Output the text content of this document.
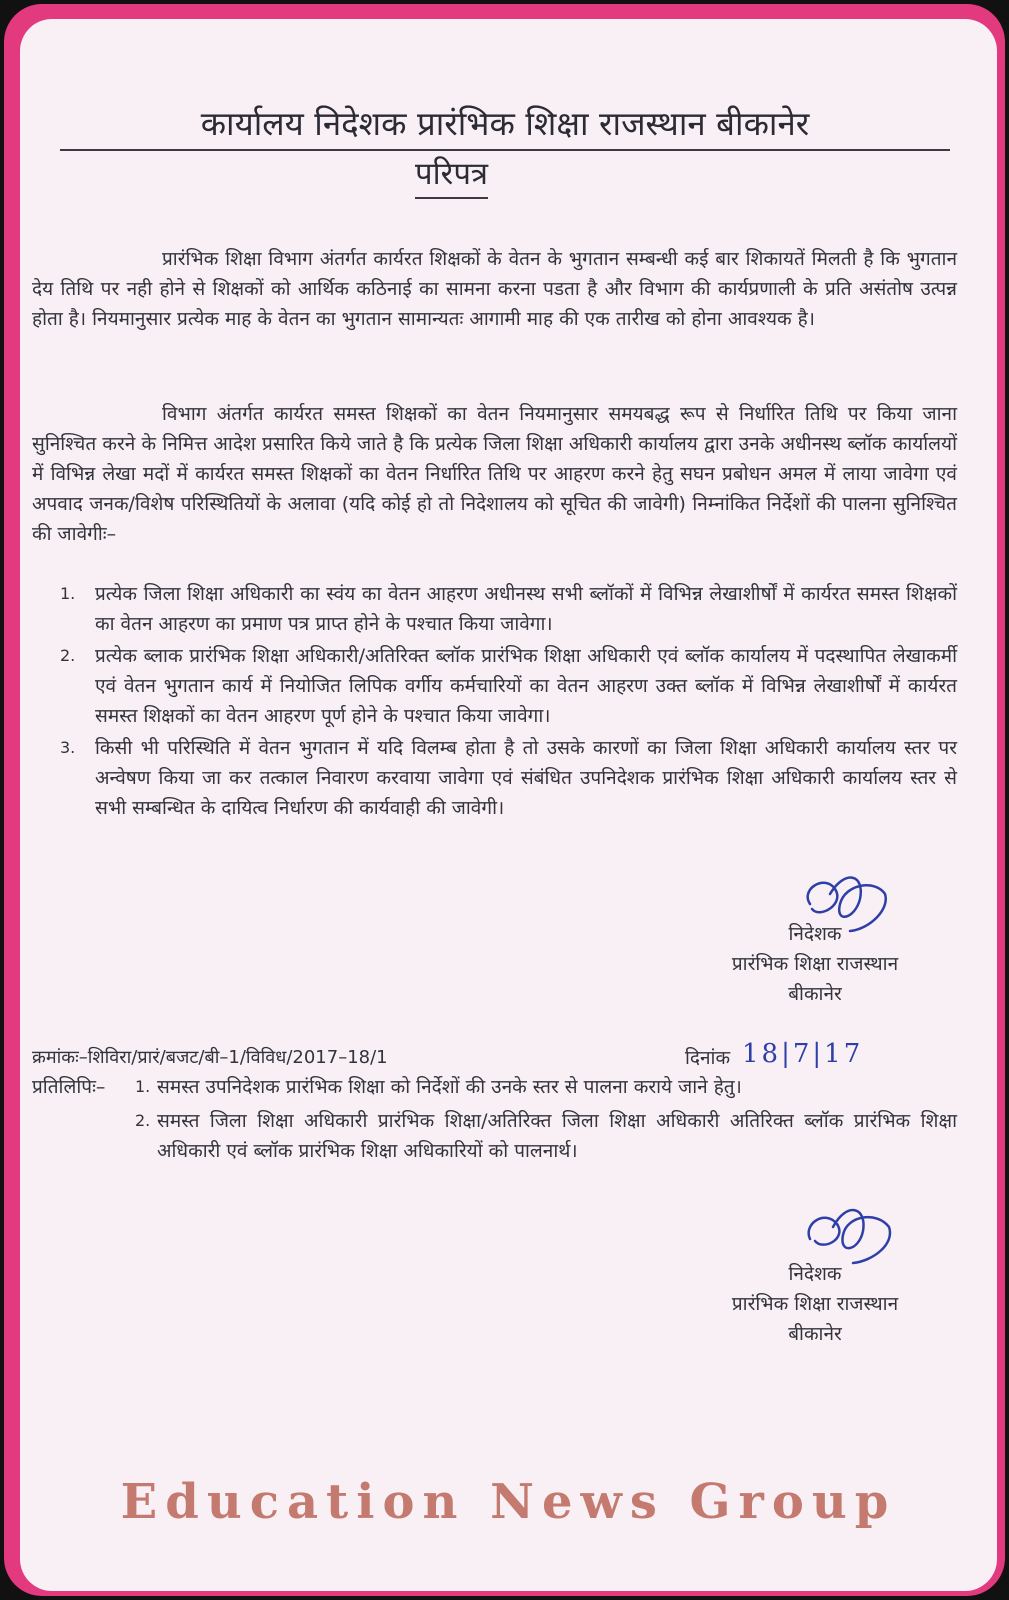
कार्यालय निदेशक प्रारंभिक शिक्षा राजस्थान बीकानेर
परिपत्र

प्रारंभिक शिक्षा विभाग अंतर्गत कार्यरत शिक्षकों के वेतन के भुगतान सम्बन्धी कई बार शिकायतें मिलती है कि भुगतान देय तिथि पर नही होने से शिक्षकों को आर्थिक कठिनाई का सामना करना पडता है और विभाग की कार्यप्रणाली के प्रति असंतोष उत्पन्न होता है। नियमानुसार प्रत्येक माह के वेतन का भुगतान सामान्यतः आगामी माह की एक तारीख को होना आवश्यक है।

विभाग अंतर्गत कार्यरत समस्त शिक्षकों का वेतन नियमानुसार समयबद्ध रूप से निर्धारित तिथि पर किया जाना सुनिश्चित करने के निमित्त आदेश प्रसारित किये जाते है कि प्रत्येक जिला शिक्षा अधिकारी कार्यालय द्वारा उनके अधीनस्थ ब्लॉक कार्यालयों में विभिन्न लेखा मदों में कार्यरत समस्त शिक्षकों का वेतन निर्धारित तिथि पर आहरण करने हेतु सघन प्रबोधन अमल में लाया जावेगा एवं अपवाद जनक/विशेष परिस्थितियों के अलावा (यदि कोई हो तो निदेशालय को सूचित की जावेगी) निम्नांकित निर्देशों की पालना सुनिश्चित की जावेगीः–

1. प्रत्येक जिला शिक्षा अधिकारी का स्वंय का वेतन आहरण अधीनस्थ सभी ब्लॉकों में विभिन्न लेखाशीर्षों में कार्यरत समस्त शिक्षकों का वेतन आहरण का प्रमाण पत्र प्राप्त होने के पश्चात किया जावेगा।
2. प्रत्येक ब्लाक प्रारंभिक शिक्षा अधिकारी/अतिरिक्त ब्लॉक प्रारंभिक शिक्षा अधिकारी एवं ब्लॉक कार्यालय में पदस्थापित लेखाकर्मी एवं वेतन भुगतान कार्य में नियोजित लिपिक वर्गीय कर्मचारियों का वेतन आहरण उक्त ब्लॉक में विभिन्न लेखाशीर्षों में कार्यरत समस्त शिक्षकों का वेतन आहरण पूर्ण होने के पश्चात किया जावेगा।
3. किसी भी परिस्थिति में वेतन भुगतान में यदि विलम्ब होता है तो उसके कारणों का जिला शिक्षा अधिकारी कार्यालय स्तर पर अन्वेषण किया जा कर तत्काल निवारण करवाया जावेगा एवं संबंधित उपनिदेशक प्रारंभिक शिक्षा अधिकारी कार्यालय स्तर से सभी सम्बन्धित के दायित्व निर्धारण की कार्यवाही की जावेगी।
निदेशक
प्रारंभिक शिक्षा राजस्थान
बीकानेर
क्रमांकः–शिविरा/प्रारं/बजट/बी–1/विविध/2017–18/1	दिनांक 18|7|17
प्रतिलिपिः– 1. समस्त उपनिदेशक प्रारंभिक शिक्षा को निर्देशों की उनके स्तर से पालना कराये जाने हेतु।
2. समस्त जिला शिक्षा अधिकारी प्रारंभिक शिक्षा/अतिरिक्त जिला शिक्षा अधिकारी अतिरिक्त ब्लॉक प्रारंभिक शिक्षा अधिकारी एवं ब्लॉक प्रारंभिक शिक्षा अधिकारियों को पालनार्थ।
निदेशक
प्रारंभिक शिक्षा राजस्थान
बीकानेर
Education News Group
